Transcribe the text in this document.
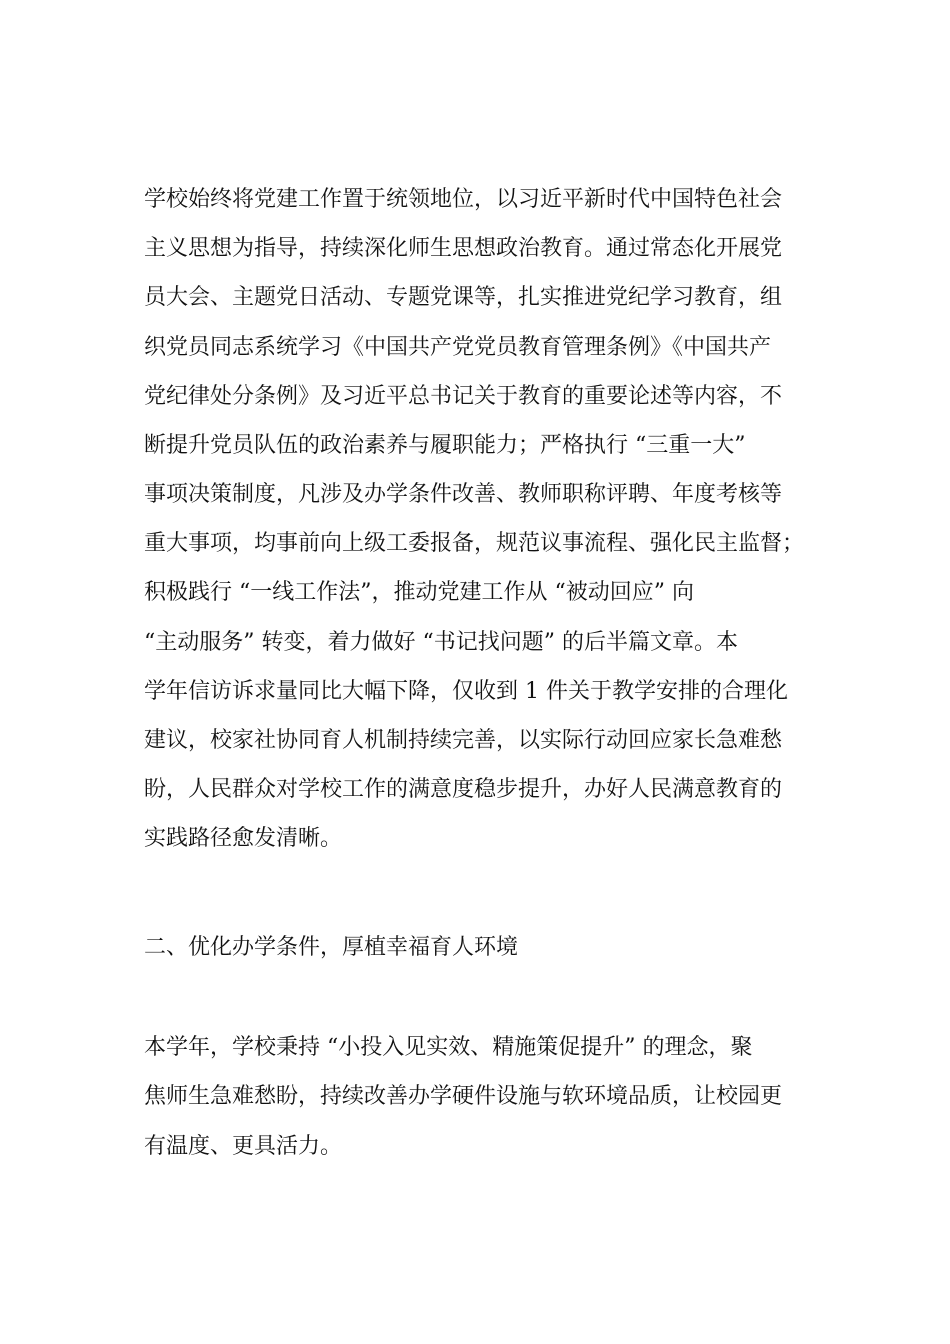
学校始终将党建工作置于统领地位，以习近平新时代中国特色社会
主义思想为指导，持续深化师生思想政治教育。通过常态化开展党
员大会、主题党日活动、专题党课等，扎实推进党纪学习教育，组
织党员同志系统学习《中国共产党党员教育管理条例》《中国共产
党纪律处分条例》及习近平总书记关于教育的重要论述等内容，不
断提升党员队伍的政治素养与履职能力；严格执行 “三重一大”
事项决策制度，凡涉及办学条件改善、教师职称评聘、年度考核等
重大事项，均事前向上级工委报备，规范议事流程、强化民主监督；
积极践行 “一线工作法”，推动党建工作从 “被动回应” 向
“主动服务” 转变，着力做好 “书记找问题” 的后半篇文章。本
学年信访诉求量同比大幅下降，仅收到 1 件关于教学安排的合理化
建议，校家社协同育人机制持续完善，以实际行动回应家长急难愁
盼，人民群众对学校工作的满意度稳步提升，办好人民满意教育的
实践路径愈发清晰。
二、优化办学条件，厚植幸福育人环境
本学年，学校秉持 “小投入见实效、精施策促提升” 的理念，聚
焦师生急难愁盼，持续改善办学硬件设施与软环境品质，让校园更
有温度、更具活力。
